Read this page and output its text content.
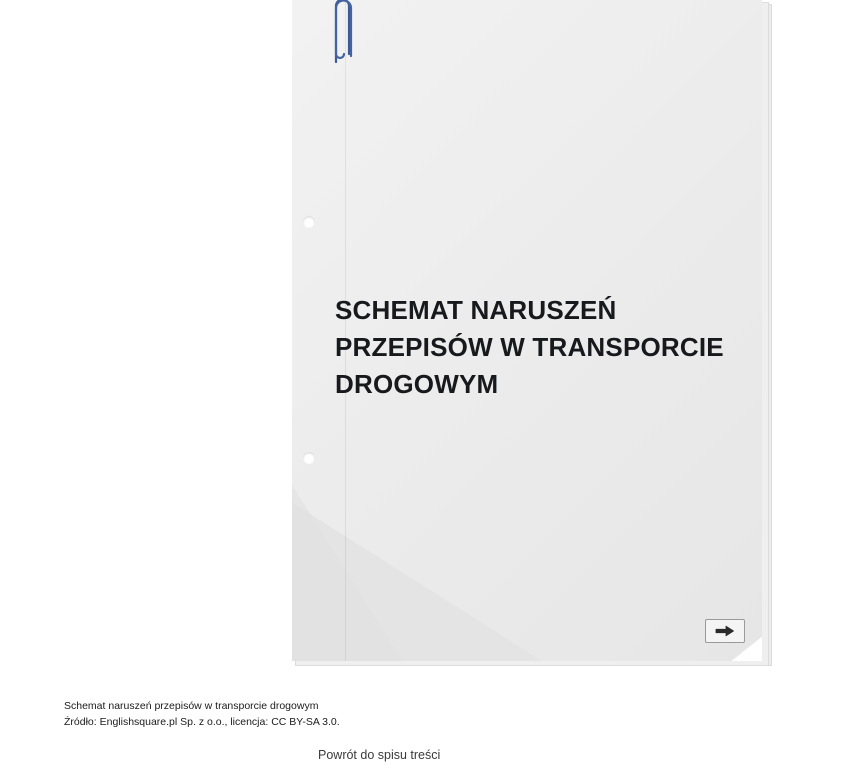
SCHEMAT NARUSZEŃ PRZEPISÓW W TRANSPORCIE DROGOWYM
Schemat naruszeń przepisów w transporcie drogowym
Źródło: Englishsquare.pl Sp. z o.o., licencja: CC BY-SA 3.0.
Powrót do spisu treści
